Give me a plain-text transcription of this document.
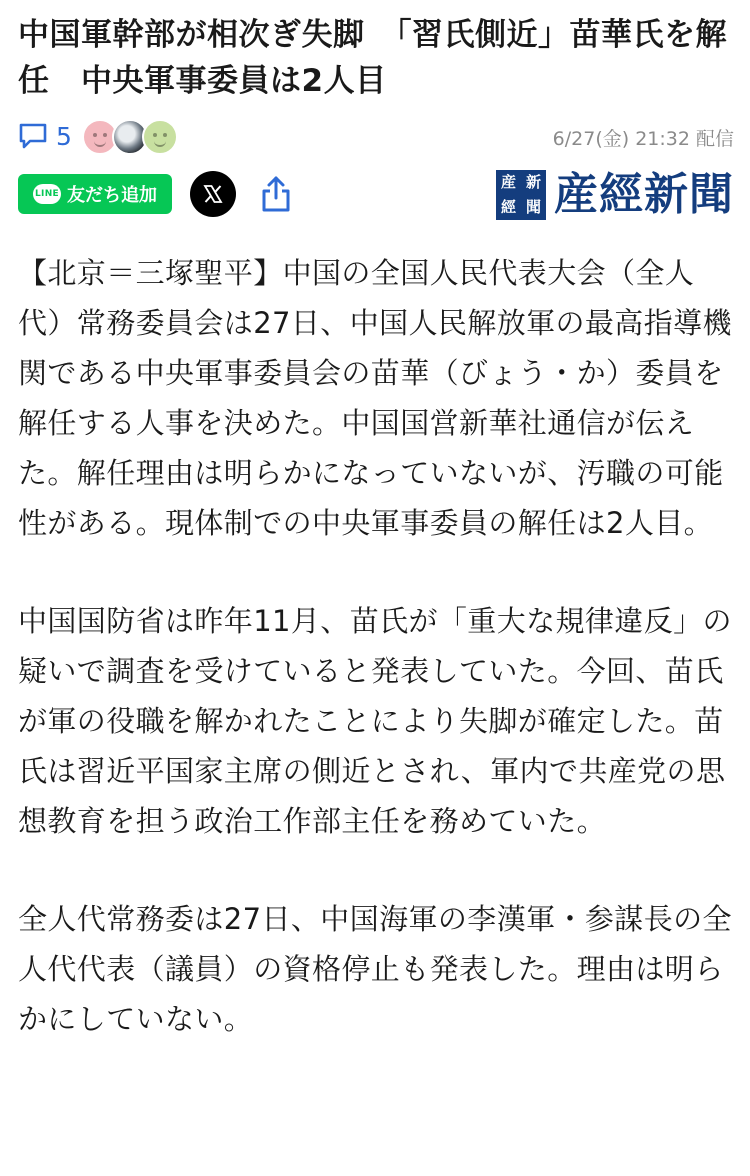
中国軍幹部が相次ぎ失脚　「習氏側近」苗華氏を解任　中央軍事委員は2人目
5	6/27(金) 21:32 配信
LINE 友だち追加
産 新
經 聞 産經新聞

【北京＝三塚聖平】中国の全国人民代表大会（全人代）常務委員会は27日、中国人民解放軍の最高指導機関である中央軍事委員会の苗華（びょう・か）委員を解任する人事を決めた。中国国営新華社通信が伝えた。解任理由は明らかになっていないが、汚職の可能性がある。現体制での中央軍事委員の解任は2人目。

中国国防省は昨年11月、苗氏が「重大な規律違反」の疑いで調査を受けていると発表していた。今回、苗氏が軍の役職を解かれたことにより失脚が確定した。苗氏は習近平国家主席の側近とされ、軍内で共産党の思想教育を担う政治工作部主任を務めていた。

全人代常務委は27日、中国海軍の李漢軍・参謀長の全人代代表（議員）の資格停止も発表した。理由は明らかにしていない。
